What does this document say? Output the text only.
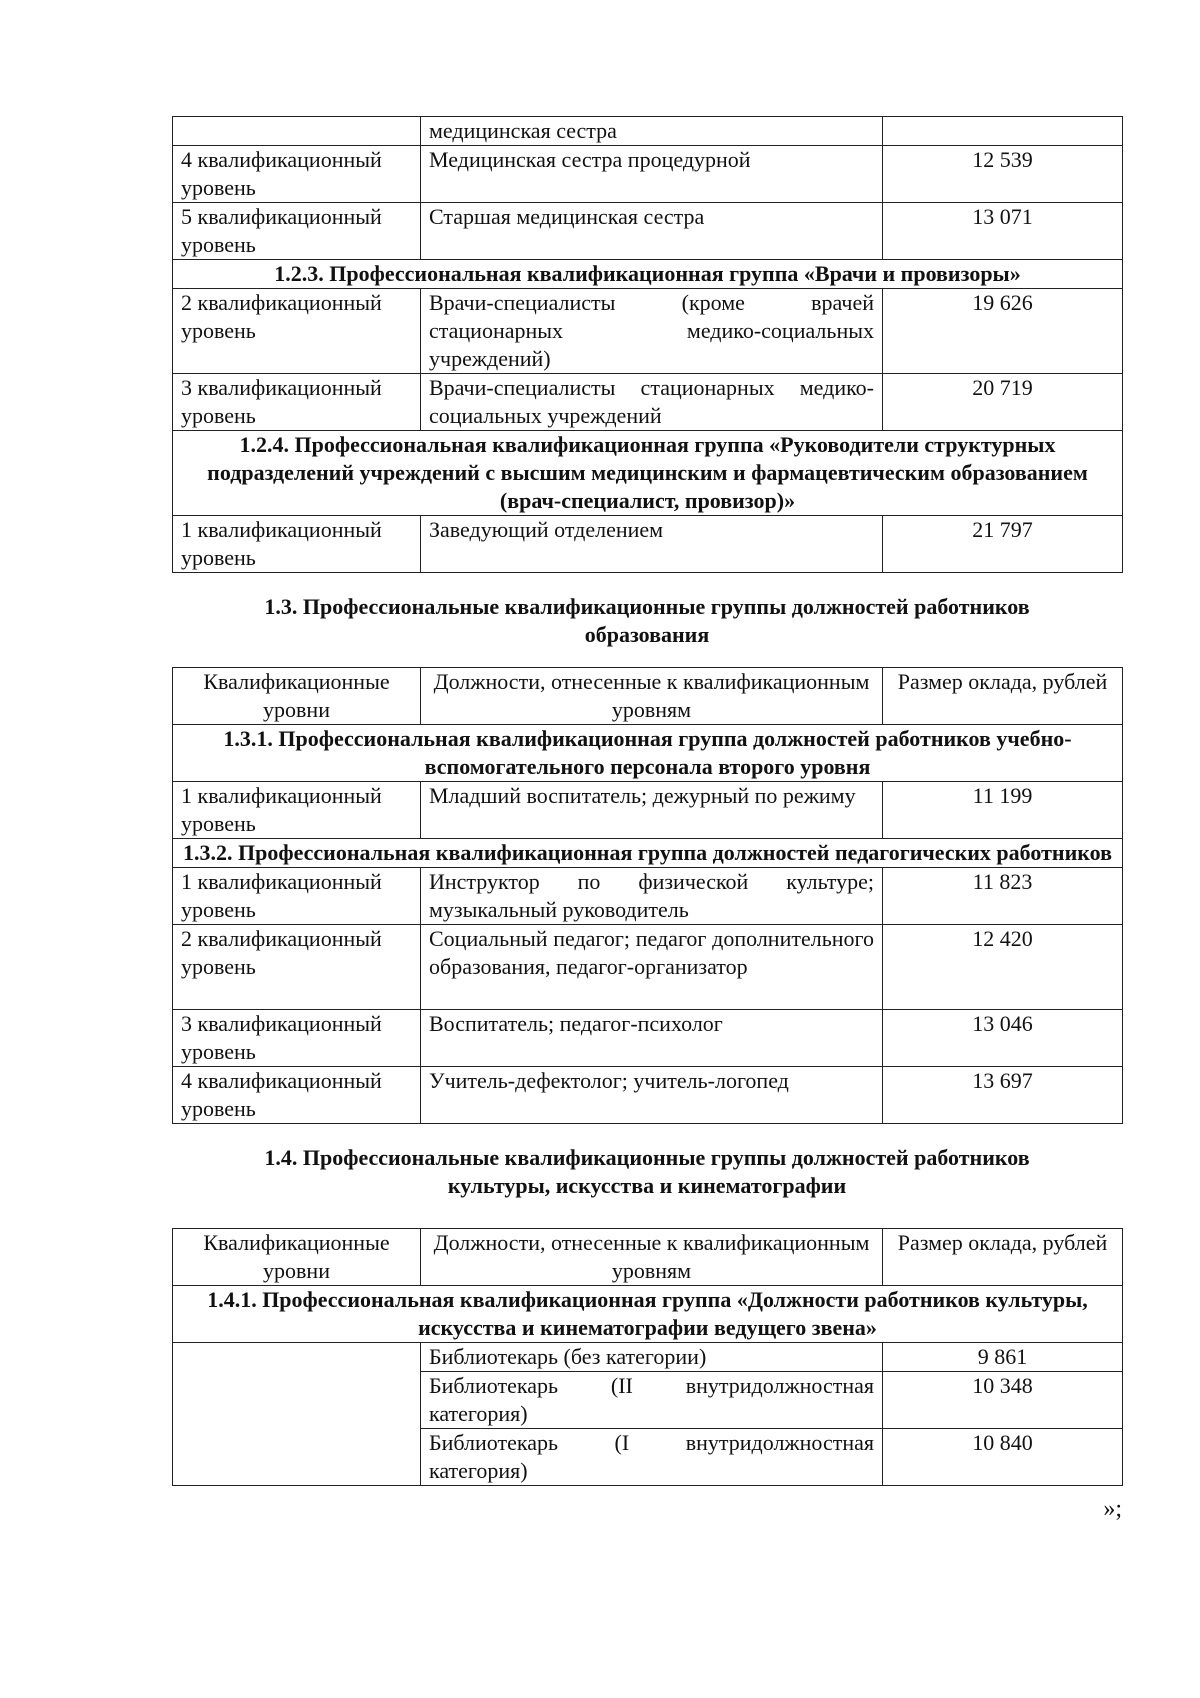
	медицинская сестра	
4 квалификационный уровень	Медицинская сестра процедурной	12 539
5 квалификационный уровень	Старшая медицинская сестра	13 071
1.2.3. Профессиональная квалификационная группа «Врачи и провизоры»		
2 квалификационный уровень	Врачи-специалисты (кроме врачей стационарных медико-социальных учреждений)	19 626
3 квалификационный уровень	Врачи-специалисты стационарных медико-социальных учреждений	20 719
1.2.4. Профессиональная квалификационная группа «Руководители структурных подразделений учреждений с высшим медицинским и фармацевтическим образованием (врач-специалист, провизор)»		
1 квалификационный уровень	Заведующий отделением	21 797
1.3. Профессиональные квалификационные группы должностей работников образования
Квалификационные уровни	Должности, отнесенные к квалификационным уровням	Размер оклада, рублей
1.3.1. Профессиональная квалификационная группа должностей работников учебно-вспомогательного персонала второго уровня		
1 квалификационный уровень	Младший воспитатель; дежурный по режиму	11 199
1.3.2. Профессиональная квалификационная группа должностей педагогических работников		
1 квалификационный уровень	Инструктор по физической культуре; музыкальный руководитель	11 823
2 квалификационный уровень	Социальный педагог; педагог дополнительного образования, педагог-организатор	12 420
3 квалификационный уровень	Воспитатель; педагог-психолог	13 046
4 квалификационный уровень	Учитель-дефектолог; учитель-логопед	13 697
1.4. Профессиональные квалификационные группы должностей работников культуры, искусства и кинематографии
Квалификационные уровни	Должности, отнесенные к квалификационным уровням	Размер оклада, рублей
1.4.1. Профессиональная квалификационная группа «Должности работников культуры, искусства и кинематографии ведущего звена»		
	Библиотекарь (без категории)	9 861
	Библиотекарь (II внутридолжностная категория)	10 348
	Библиотекарь (I внутридолжностная категория)	10 840
»;
